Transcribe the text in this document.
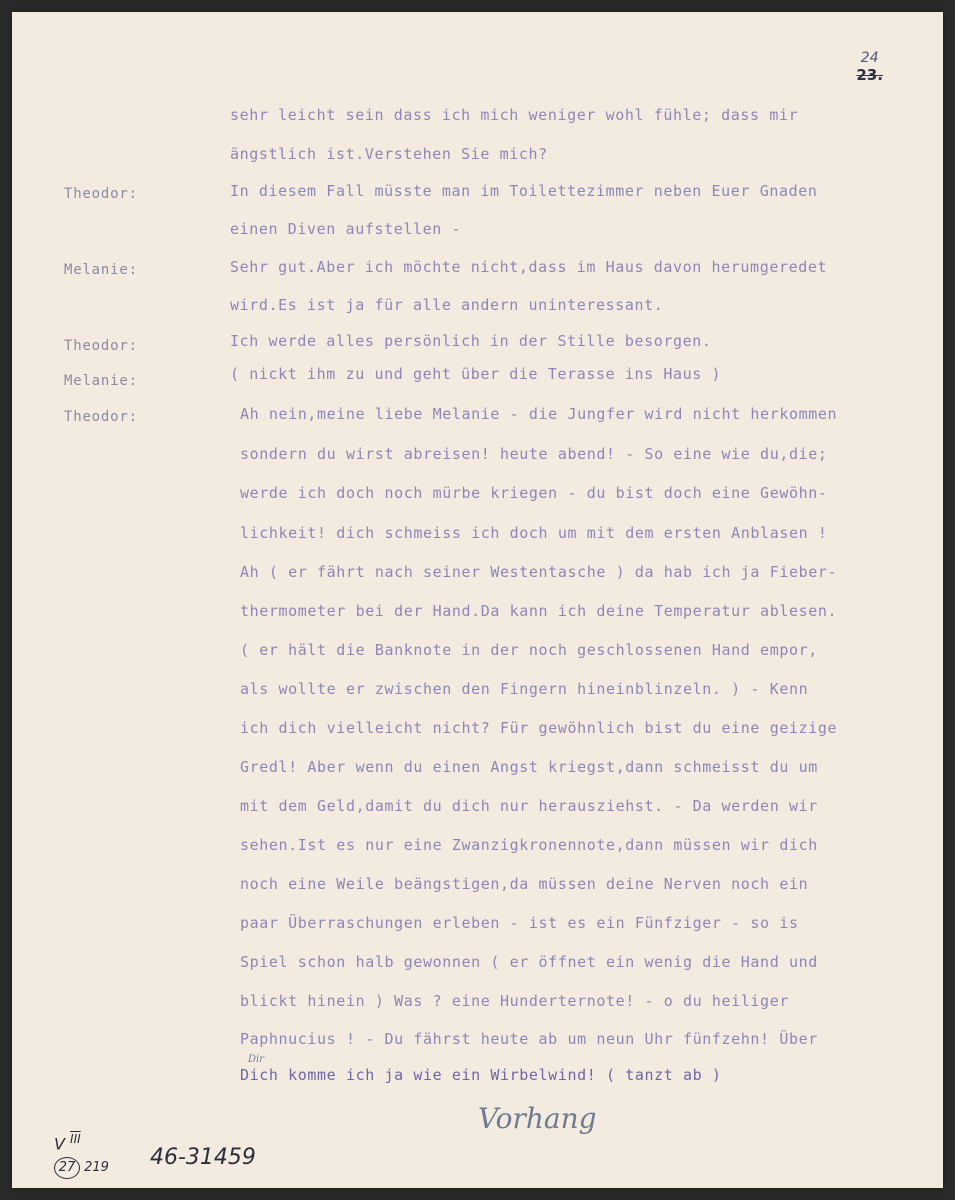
24
23.
sehr leicht sein dass ich mich weniger wohl fühle; dass mir
ängstlich ist.Verstehen Sie mich?
Theodor:	In diesem Fall müsste man im Toilettezimmer neben Euer Gnaden
einen Diven aufstellen -
Melanie:	Sehr gut.Aber ich möchte nicht,dass im Haus davon herumgeredet
wird.Es ist ja für alle andern uninteressant.
Theodor:	Ich werde alles persönlich in der Stille besorgen.
Melanie:	( nickt ihm zu und geht über die Terasse ins Haus )
Theodor:	Ah nein,meine liebe Melanie - die Jungfer wird nicht herkommen
sondern du wirst abreisen! heute abend! - So eine wie du,die;
werde ich doch noch mürbe kriegen - du bist doch eine Gewöhn-
lichkeit! dich schmeiss ich doch um mit dem ersten Anblasen !
Ah ( er fährt nach seiner Westentasche ) da hab ich ja Fieber-
thermometer bei der Hand.Da kann ich deine Temperatur ablesen.
( er hält die Banknote in der noch geschlossenen Hand empor,
als wollte er zwischen den Fingern hineinblinzeln. ) - Kenn
ich dich vielleicht nicht? Für gewöhnlich bist du eine geizige
Gredl! Aber wenn du einen Angst kriegst,dann schmeisst du um
mit dem Geld,damit du dich nur herausziehst. - Da werden wir
sehen.Ist es nur eine Zwanzigkronennote,dann müssen wir dich
noch eine Weile beängstigen,da müssen deine Nerven noch ein
paar Überraschungen erleben - ist es ein Fünfziger - so is
Spiel schon halb gewonnen ( er öffnet ein wenig die Hand und
blickt hinein ) Was ? eine Hunderternote! - o du heiliger
Paphnucius ! - Du fährst heute ab um neun Uhr fünfzehn! Über
Dir
Dich komme ich ja wie ein Wirbelwind! ( tanzt ab )
Vorhang
V $^{\overline{III}}$
27 219 46-31459
